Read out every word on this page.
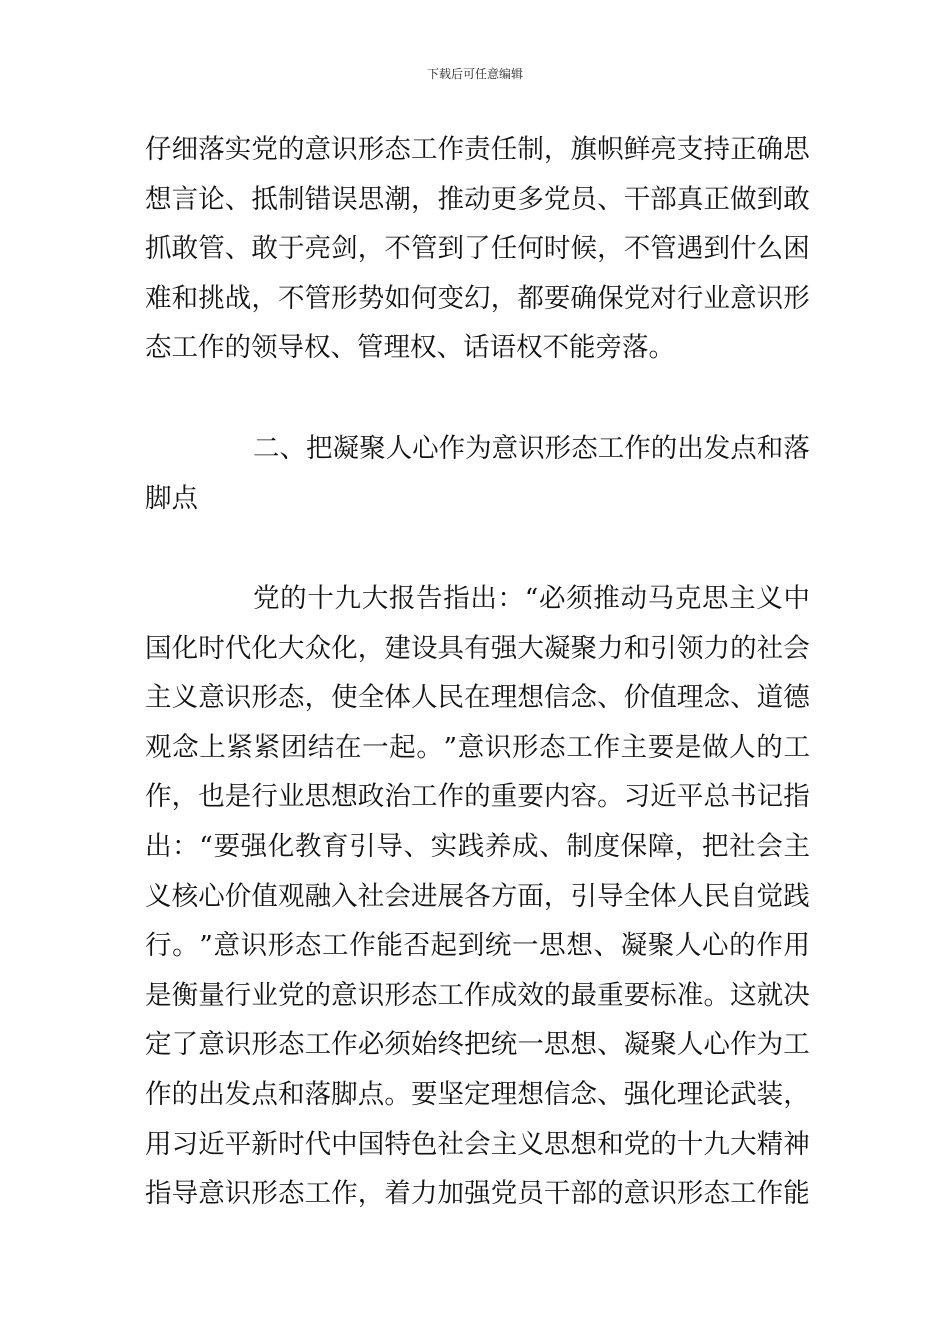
下载后可任意编辑
仔 细 落 实 党 的 意 识 形 态 工 作 责 任 制 ， 旗 帜 鲜 亮 支 持 正 确 思
想 言 论 、 抵 制 错 误 思 潮 ， 推 动 更 多 党 员 、 干 部 真 正 做 到 敢
抓 敢 管 、 敢 于 亮 剑 ， 不 管 到 了 任 何 时 候 ， 不 管 遇 到 什 么 困
难 和 挑 战 ， 不 管 形 势 如 何 变 幻 ， 都 要 确 保 党 对 行 业 意 识 形
态工作的领导权、管理权、话语权不能旁落。
二 、 把 凝 聚 人 心 作 为 意 识 形 态 工 作 的 出 发 点 和 落
脚点
党 的 十 九 大 报 告 指 出 ： “ 必 须 推 动 马 克 思 主 义 中
国 化 时 代 化 大 众 化 ， 建 设 具 有 强 大 凝 聚 力 和 引 领 力 的 社 会
主 义 意 识 形 态 ， 使 全 体 人 民 在 理 想 信 念 、 价 值 理 念 、 道 德
观 念 上 紧 紧 团 结 在 一 起 。 ” 意 识 形 态 工 作 主 要 是 做 人 的 工
作 ， 也 是 行 业 思 想 政 治 工 作 的 重 要 内 容 。 习 近 平 总 书 记 指
出 ： “ 要 强 化 教 育 引 导 、 实 践 养 成 、 制 度 保 障 ， 把 社 会 主
义 核 心 价 值 观 融 入 社 会 进 展 各 方 面 ， 引 导 全 体 人 民 自 觉 践
行 。 ” 意 识 形 态 工 作 能 否 起 到 统 一 思 想 、 凝 聚 人 心 的 作 用
是 衡 量 行 业 党 的 意 识 形 态 工 作 成 效 的 最 重 要 标 准 。 这 就 决
定 了 意 识 形 态 工 作 必 须 始 终 把 统 一 思 想 、 凝 聚 人 心 作 为 工
作 的 出 发 点 和 落 脚 点 。 要 坚 定 理 想 信 念 、 强 化 理 论 武 装 ，
用 习 近 平 新 时 代 中 国 特 色 社 会 主 义 思 想 和 党 的 十 九 大 精 神
指 导 意 识 形 态 工 作 ， 着 力 加 强 党 员 干 部 的 意 识 形 态 工 作 能
